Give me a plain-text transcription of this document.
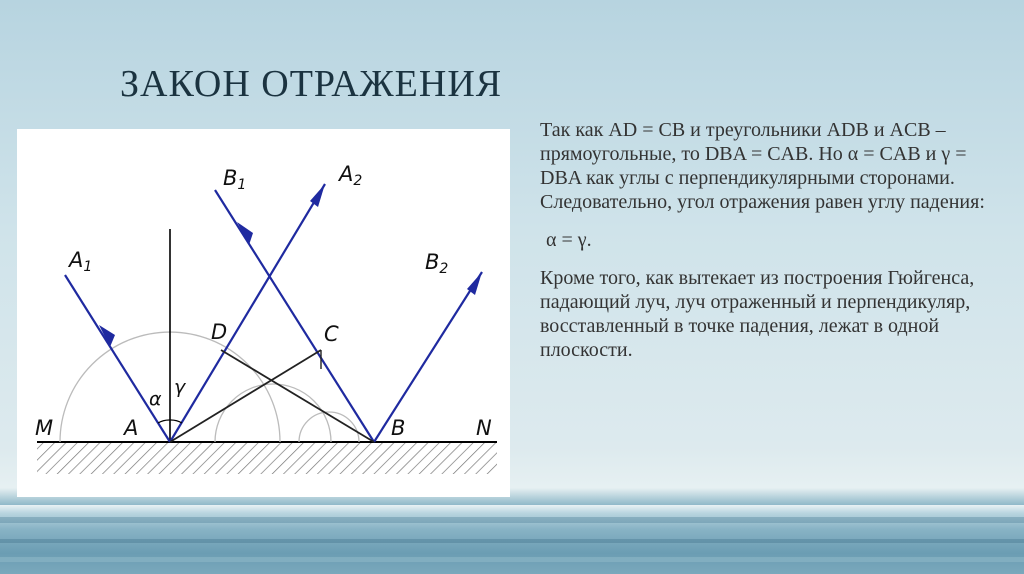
ЗАКОН ОТРАЖЕНИЯ
A1
B1	A2
B2
D	C
M	A	B	N
α
γ

Так как AD = CB и треугольники ADB и ACB – прямоугольные, то DBA = CAB. Но α = CAB и γ = DBA как углы с перпендикулярными сторонами. Следовательно, угол отражения равен углу падения:

α = γ.

Кроме того, как вытекает из построения Гюйгенса, падающий луч, луч отраженный и перпендикуляр, восставленный в точке падения, лежат в одной плоскости.
